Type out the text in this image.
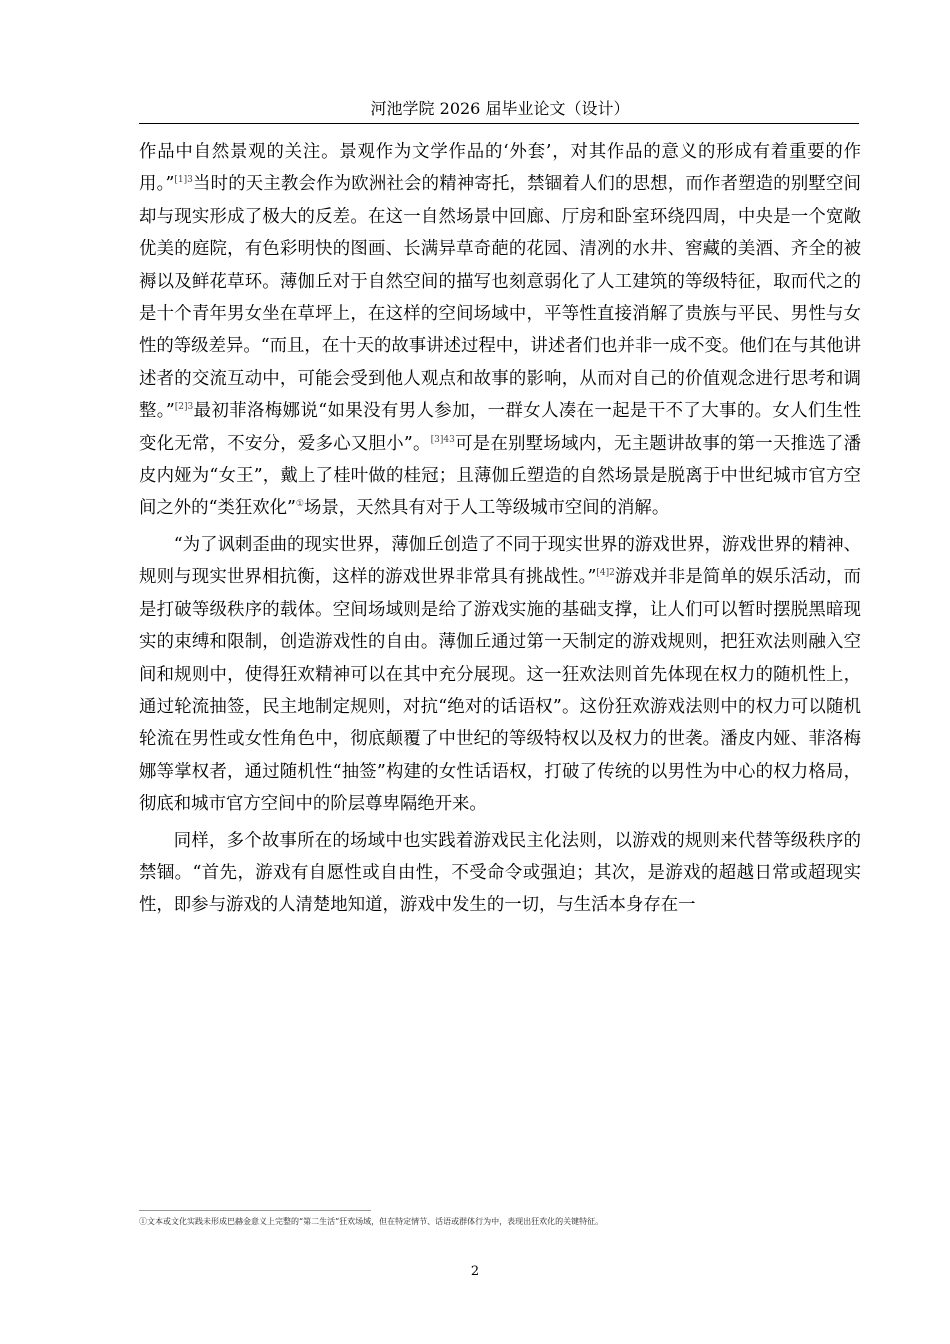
河池学院 2026 届毕业论文（设计）

作品中自然景观的关注。景观作为文学作品的‘外套’，对其作品的意义的形成有着重要的作用。”$^{[1]3}$当时的天主教会作为欧洲社会的精神寄托，禁锢着人们的思想，而作者塑造的别墅空间却与现实形成了极大的反差。在这一自然场景中回廊、厅房和卧室环绕四周，中央是一个宽敞优美的庭院，有色彩明快的图画、长满异草奇葩的花园、清冽的水井、窖藏的美酒、齐全的被褥以及鲜花草环。薄伽丘对于自然空间的描写也刻意弱化了人工建筑的等级特征，取而代之的是十个青年男女坐在草坪上，在这样的空间场域中，平等性直接消解了贵族与平民、男性与女性的等级差异。“而且，在十天的故事讲述过程中，讲述者们也并非一成不变。他们在与其他讲述者的交流互动中，可能会受到他人观点和故事的影响，从而对自己的价值观念进行思考和调整。”$^{[2]3}$最初菲洛梅娜说“如果没有男人参加，一群女人凑在一起是干不了大事的。女人们生性变化无常，不安分，爱多心又胆小”。$^{[3]43}$可是在别墅场域内，无主题讲故事的第一天推选了潘皮内娅为“女王”，戴上了桂叶做的桂冠；且薄伽丘塑造的自然场景是脱离于中世纪城市官方空间之外的“类狂欢化”①场景，天然具有对于人工等级城市空间的消解。

“为了讽刺歪曲的现实世界，薄伽丘创造了不同于现实世界的游戏世界，游戏世界的精神、规则与现实世界相抗衡，这样的游戏世界非常具有挑战性。”$^{[4]2}$游戏并非是简单的娱乐活动，而是打破等级秩序的载体。空间场域则是给了游戏实施的基础支撑，让人们可以暂时摆脱黑暗现实的束缚和限制，创造游戏性的自由。薄伽丘通过第一天制定的游戏规则，把狂欢法则融入空间和规则中，使得狂欢精神可以在其中充分展现。这一狂欢法则首先体现在权力的随机性上，通过轮流抽签，民主地制定规则，对抗“绝对的话语权”。这份狂欢游戏法则中的权力可以随机轮流在男性或女性角色中，彻底颠覆了中世纪的等级特权以及权力的世袭。潘皮内娅、菲洛梅娜等掌权者，通过随机性“抽签”构建的女性话语权，打破了传统的以男性为中心的权力格局，彻底和城市官方空间中的阶层尊卑隔绝开来。

同样，多个故事所在的场域中也实践着游戏民主化法则，以游戏的规则来代替等级秩序的禁锢。“首先，游戏有自愿性或自由性，不受命令或强迫；其次，是游戏的超越日常或超现实性，即参与游戏的人清楚地知道，游戏中发生的一切，与生活本身存在一

①文本或文化实践未形成巴赫金意义上完整的“第二生活”狂欢场域，但在特定情节、话语或群体行为中，表现出狂欢化的关键特征。
2
